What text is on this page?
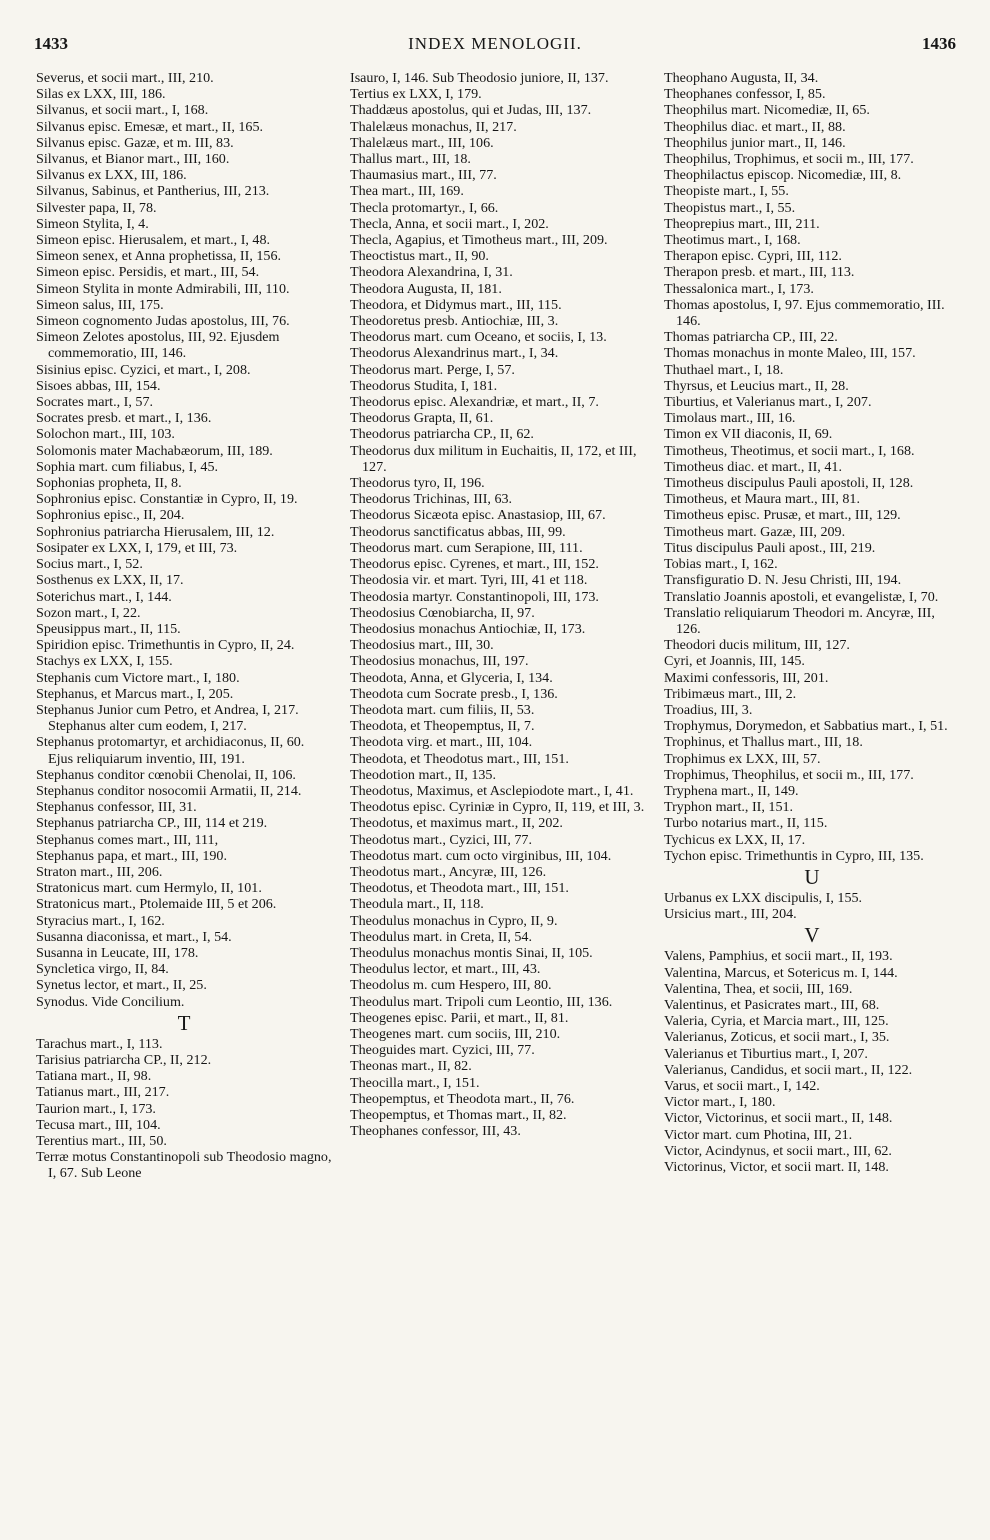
1433	INDEX MENOLOGII.	1436
Severus, et socii mart., III, 210.
Silas ex LXX, III, 186.
Silvanus, et socii mart., I, 168.
Silvanus episc. Emesæ, et mart., II, 165.
Silvanus episc. Gazæ, et m. III, 83.
Silvanus, et Bianor mart., III, 160.
Silvanus ex LXX, III, 186.
Silvanus, Sabinus, et Pantherius, III, 213.
Silvester papa, II, 78.
Simeon Stylita, I, 4.
Simeon episc. Hierusalem, et mart., I, 48.
Simeon senex, et Anna prophetissa, II, 156.
Simeon episc. Persidis, et mart., III, 54.
Simeon Stylita in monte Admirabili, III, 110.
Simeon salus, III, 175.
Simeon cognomento Judas apostolus, III, 76.
Simeon Zelotes apostolus, III, 92. Ejusdem commemoratio, III, 146.
Sisinius episc. Cyzici, et mart., I, 208.
Sisoes abbas, III, 154.
Socrates mart., I, 57.
Socrates presb. et mart., I, 136.
Solochon mart., III, 103.
Solomonis mater Machabæorum, III, 189.
Sophia mart. cum filiabus, I, 45.
Sophonias propheta, II, 8.
Sophronius episc. Constantiæ in Cypro, II, 19.
Sophronius episc., II, 204.
Sophronius patriarcha Hierusalem, III, 12.
Sosipater ex LXX, I, 179, et III, 73.
Socius mart., I, 52.
Sosthenus ex LXX, II, 17.
Soterichus mart., I, 144.
Sozon mart., I, 22.
Speusippus mart., II, 115.
Spiridion episc. Trimethuntis in Cypro, II, 24.
Stachys ex LXX, I, 155.
Stephanis cum Victore mart., I, 180.
Stephanus, et Marcus mart., I, 205.
Stephanus Junior cum Petro, et Andrea, I, 217. Stephanus alter cum eodem, I, 217.
Stephanus protomartyr, et archidiaconus, II, 60. Ejus reliquiarum inventio, III, 191.
Stephanus conditor cœnobii Chenolai, II, 106.
Stephanus conditor nosocomii Armatii, II, 214.
Stephanus confessor, III, 31.
Stephanus patriarcha CP., III, 114 et 219.
Stephanus comes mart., III, 111,
Stephanus papa, et mart., III, 190.
Straton mart., III, 206.
Stratonicus mart. cum Hermylo, II, 101.
Stratonicus mart., Ptolemaide III, 5 et 206.
Styracius mart., I, 162.
Susanna diaconissa, et mart., I, 54.
Susanna in Leucate, III, 178.
Syncletica virgo, II, 84.
Synetus lector, et mart., II, 25.
Synodus. Vide Concilium.
T
Tarachus mart., I, 113.
Tarisius patriarcha CP., II, 212.
Tatiana mart., II, 98.
Tatianus mart., III, 217.
Taurion mart., I, 173.
Tecusa mart., III, 104.
Terentius mart., III, 50.
Terræ motus Constantinopoli sub Theodosio magno, I, 67. Sub Leone
Isauro, I, 146. Sub Theodosio juniore, II, 137.
Tertius ex LXX, I, 179.
Thaddæus apostolus, qui et Judas, III, 137.
Thalelæus monachus, II, 217.
Thalelæus mart., III, 106.
Thallus mart., III, 18.
Thaumasius mart., III, 77.
Thea mart., III, 169.
Thecla protomartyr., I, 66.
Thecla, Anna, et socii mart., I, 202.
Thecla, Agapius, et Timotheus mart., III, 209.
Theoctistus mart., II, 90.
Theodora Alexandrina, I, 31.
Theodora Augusta, II, 181.
Theodora, et Didymus mart., III, 115.
Theodoretus presb. Antiochiæ, III, 3.
Theodorus mart. cum Oceano, et sociis, I, 13.
Theodorus Alexandrinus mart., I, 34.
Theodorus mart. Perge, I, 57.
Theodorus Studita, I, 181.
Theodorus episc. Alexandriæ, et mart., II, 7.
Theodorus Grapta, II, 61.
Theodorus patriarcha CP., II, 62.
Theodorus dux militum in Euchaitis, II, 172, et III, 127.
Theodorus tyro, II, 196.
Theodorus Trichinas, III, 63.
Theodorus Sicæota episc. Anastasiop, III, 67.
Theodorus sanctificatus abbas, III, 99.
Theodorus mart. cum Serapione, III, 111.
Theodorus episc. Cyrenes, et mart., III, 152.
Theodosia vir. et mart. Tyri, III, 41 et 118.
Theodosia martyr. Constantinopoli, III, 173.
Theodosius Cœnobiarcha, II, 97.
Theodosius monachus Antiochiæ, II, 173.
Theodosius mart., III, 30.
Theodosius monachus, III, 197.
Theodota, Anna, et Glyceria, I, 134.
Theodota cum Socrate presb., I, 136.
Theodota mart. cum filiis, II, 53.
Theodota, et Theopemptus, II, 7.
Theodota virg. et mart., III, 104.
Theodota, et Theodotus mart., III, 151.
Theodotion mart., II, 135.
Theodotus, Maximus, et Asclepiodote mart., I, 41.
Theodotus episc. Cyriniæ in Cypro, II, 119, et III, 3.
Theodotus, et maximus mart., II, 202.
Theodotus mart., Cyzici, III, 77.
Theodotus mart. cum octo virginibus, III, 104.
Theodotus mart., Ancyræ, III, 126.
Theodotus, et Theodota mart., III, 151.
Theodula mart., II, 118.
Theodulus monachus in Cypro, II, 9.
Theodulus mart. in Creta, II, 54.
Theodulus monachus montis Sinai, II, 105.
Theodulus lector, et mart., III, 43.
Theodolus m. cum Hespero, III, 80.
Theodulus mart. Tripoli cum Leontio, III, 136.
Theogenes episc. Parii, et mart., II, 81.
Theogenes mart. cum sociis, III, 210.
Theoguides mart. Cyzici, III, 77.
Theonas mart., II, 82.
Theocilla mart., I, 151.
Theopemptus, et Theodota mart., II, 76.
Theopemptus, et Thomas mart., II, 82.
Theophanes confessor, III, 43.
Theophano Augusta, II, 34.
Theophanes confessor, I, 85.
Theophilus mart. Nicomediæ, II, 65.
Theophilus diac. et mart., II, 88.
Theophilus junior mart., II, 146.
Theophilus, Trophimus, et socii m., III, 177.
Theophilactus episcop. Nicomediæ, III, 8.
Theopiste mart., I, 55.
Theopistus mart., I, 55.
Theoprepius mart., III, 211.
Theotimus mart., I, 168.
Therapon episc. Cypri, III, 112.
Therapon presb. et mart., III, 113.
Thessalonica mart., I, 173.
Thomas apostolus, I, 97. Ejus commemoratio, III. 146.
Thomas patriarcha CP., III, 22.
Thomas monachus in monte Maleo, III, 157.
Thuthael mart., I, 18.
Thyrsus, et Leucius mart., II, 28.
Tiburtius, et Valerianus mart., I, 207.
Timolaus mart., III, 16.
Timon ex VII diaconis, II, 69.
Timotheus, Theotimus, et socii mart., I, 168.
Timotheus diac. et mart., II, 41.
Timotheus discipulus Pauli apostoli, II, 128.
Timotheus, et Maura mart., III, 81.
Timotheus episc. Prusæ, et mart., III, 129.
Timotheus mart. Gazæ, III, 209.
Titus discipulus Pauli apost., III, 219.
Tobias mart., I, 162.
Transfiguratio D. N. Jesu Christi, III, 194.
Translatio Joannis apostoli, et evangelistæ, I, 70.
Translatio reliquiarum Theodori m. Ancyræ, III, 126.
Theodori ducis militum, III, 127.
Cyri, et Joannis, III, 145.
Maximi confessoris, III, 201.
Tribimæus mart., III, 2.
Troadius, III, 3.
Trophymus, Dorymedon, et Sabbatius mart., I, 51.
Trophinus, et Thallus mart., III, 18.
Trophimus ex LXX, III, 57.
Trophimus, Theophilus, et socii m., III, 177.
Tryphena mart., II, 149.
Tryphon mart., II, 151.
Turbo notarius mart., II, 115.
Tychicus ex LXX, II, 17.
Tychon episc. Trimethuntis in Cypro, III, 135.
U
Urbanus ex LXX discipulis, I, 155.
Ursicius mart., III, 204.
V
Valens, Pamphius, et socii mart., II, 193.
Valentina, Marcus, et Sotericus m. I, 144.
Valentina, Thea, et socii, III, 169.
Valentinus, et Pasicrates mart., III, 68.
Valeria, Cyria, et Marcia mart., III, 125.
Valerianus, Zoticus, et socii mart., I, 35.
Valerianus et Tiburtius mart., I, 207.
Valerianus, Candidus, et socii mart., II, 122.
Varus, et socii mart., I, 142.
Victor mart., I, 180.
Victor, Victorinus, et socii mart., II, 148.
Victor mart. cum Photina, III, 21.
Victor, Acindynus, et socii mart., III, 62.
Victorinus, Victor, et socii mart. II, 148.
